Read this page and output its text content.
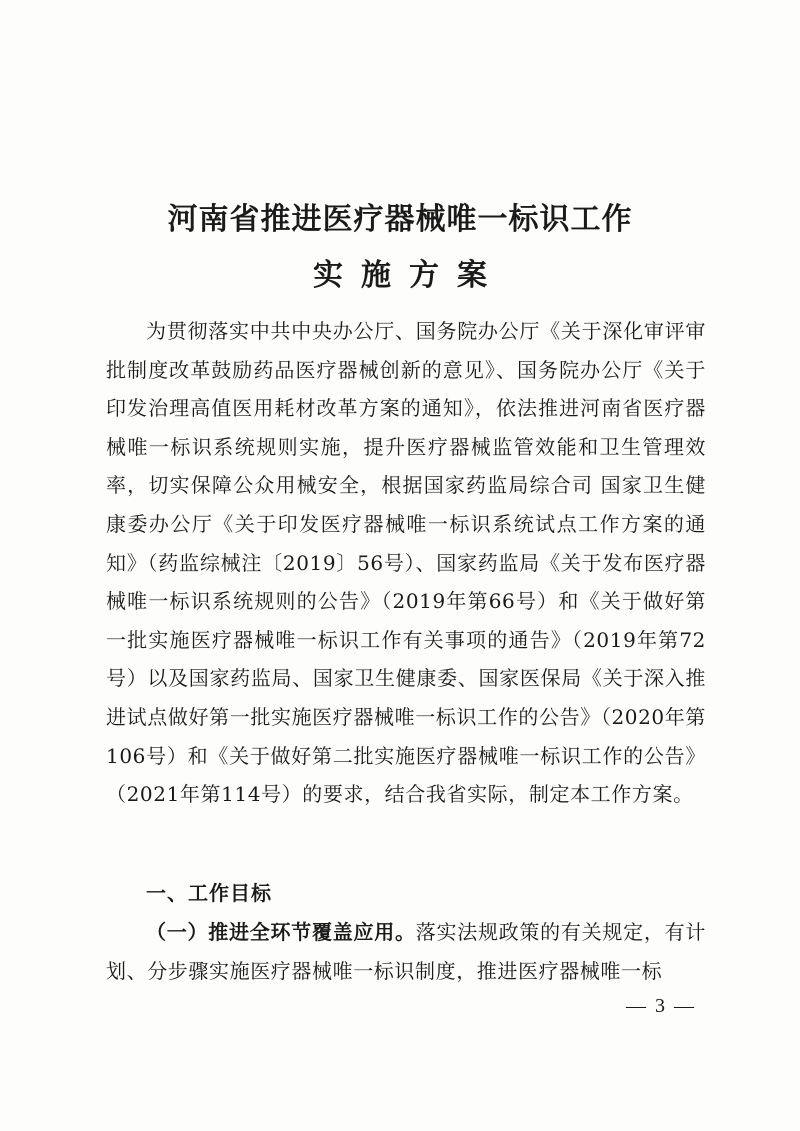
河南省推进医疗器械唯一标识工作
实施方案

为贯彻落实中共中央办公厅、国务院办公厅《关于深化审评审批制度改革鼓励药品医疗器械创新的意见》、国务院办公厅《关于印发治理高值医用耗材改革方案的通知》，依法推进河南省医疗器械唯一标识系统规则实施，提升医疗器械监管效能和卫生管理效率，切实保障公众用械安全，根据国家药监局综合司 国家卫生健康委办公厅《关于印发医疗器械唯一标识系统试点工作方案的通知》（药监综械注〔2019〕56号）、国家药监局《关于发布医疗器械唯一标识系统规则的公告》（2019年第66号）和《关于做好第一批实施医疗器械唯一标识工作有关事项的通告》（2019年第72号）以及国家药监局、国家卫生健康委、国家医保局《关于深入推进试点做好第一批实施医疗器械唯一标识工作的公告》（2020年第106号）和《关于做好第二批实施医疗器械唯一标识工作的公告》（2021年第114号）的要求，结合我省实际，制定本工作方案。

一、工作目标

（一）推进全环节覆盖应用。落实法规政策的有关规定，有计划、分步骤实施医疗器械唯一标识制度，推进医疗器械唯一标

— 3 —
